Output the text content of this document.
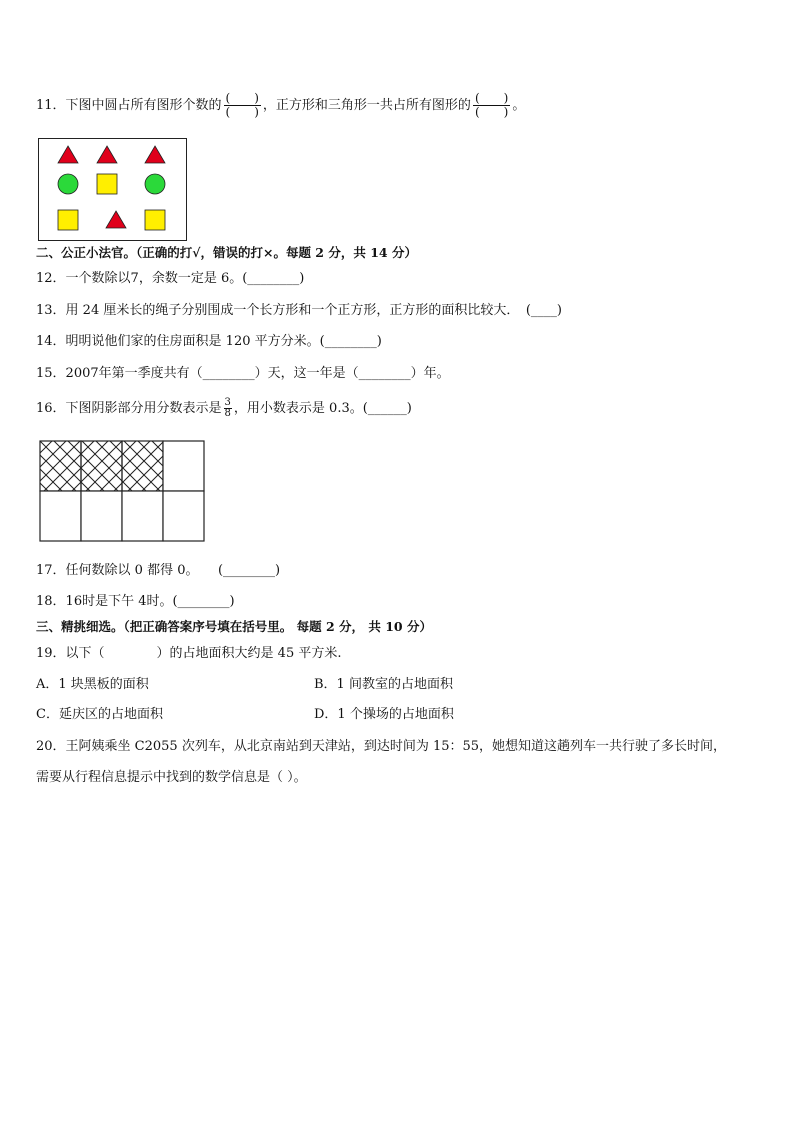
11．下图中圆占所有图形个数的 $\frac{( )}{( )}$ ，正方形和三角形一共占所有图形的 $\frac{( )}{( )}$ 。
二、公正小法官。（正确的打√，错误的打×。每题 2 分，共 14 分）
12．一个数除以7，余数一定是 6。(________)
13．用 24 厘米长的绳子分别围成一个长方形和一个正方形，正方形的面积比较大．　(____)
14．明明说他们家的住房面积是 120 平方分米。(________)
15．2007年第一季度共有（________）天，这一年是（________）年。
16．下图阴影部分用分数表示是 $\frac{3}{8}$ ，用小数表示是 0.3。(______)
17．任何数除以 0 都得 0。　　(________)
18．16时是下午 4时。(________)
三、精挑细选。（把正确答案序号填在括号里。 每题 2 分， 共 10 分）
19．以下（　　　　）的占地面积大约是 45 平方米.
A．1 块黑板的面积	B．1 间教室的占地面积
C．延庆区的占地面积	D．1 个操场的占地面积
20．王阿姨乘坐 C2055 次列车，从北京南站到天津站，到达时间为 15：55，她想知道这趟列车一共行驶了多长时间，
需要从行程信息提示中找到的数学信息是（ ）。
